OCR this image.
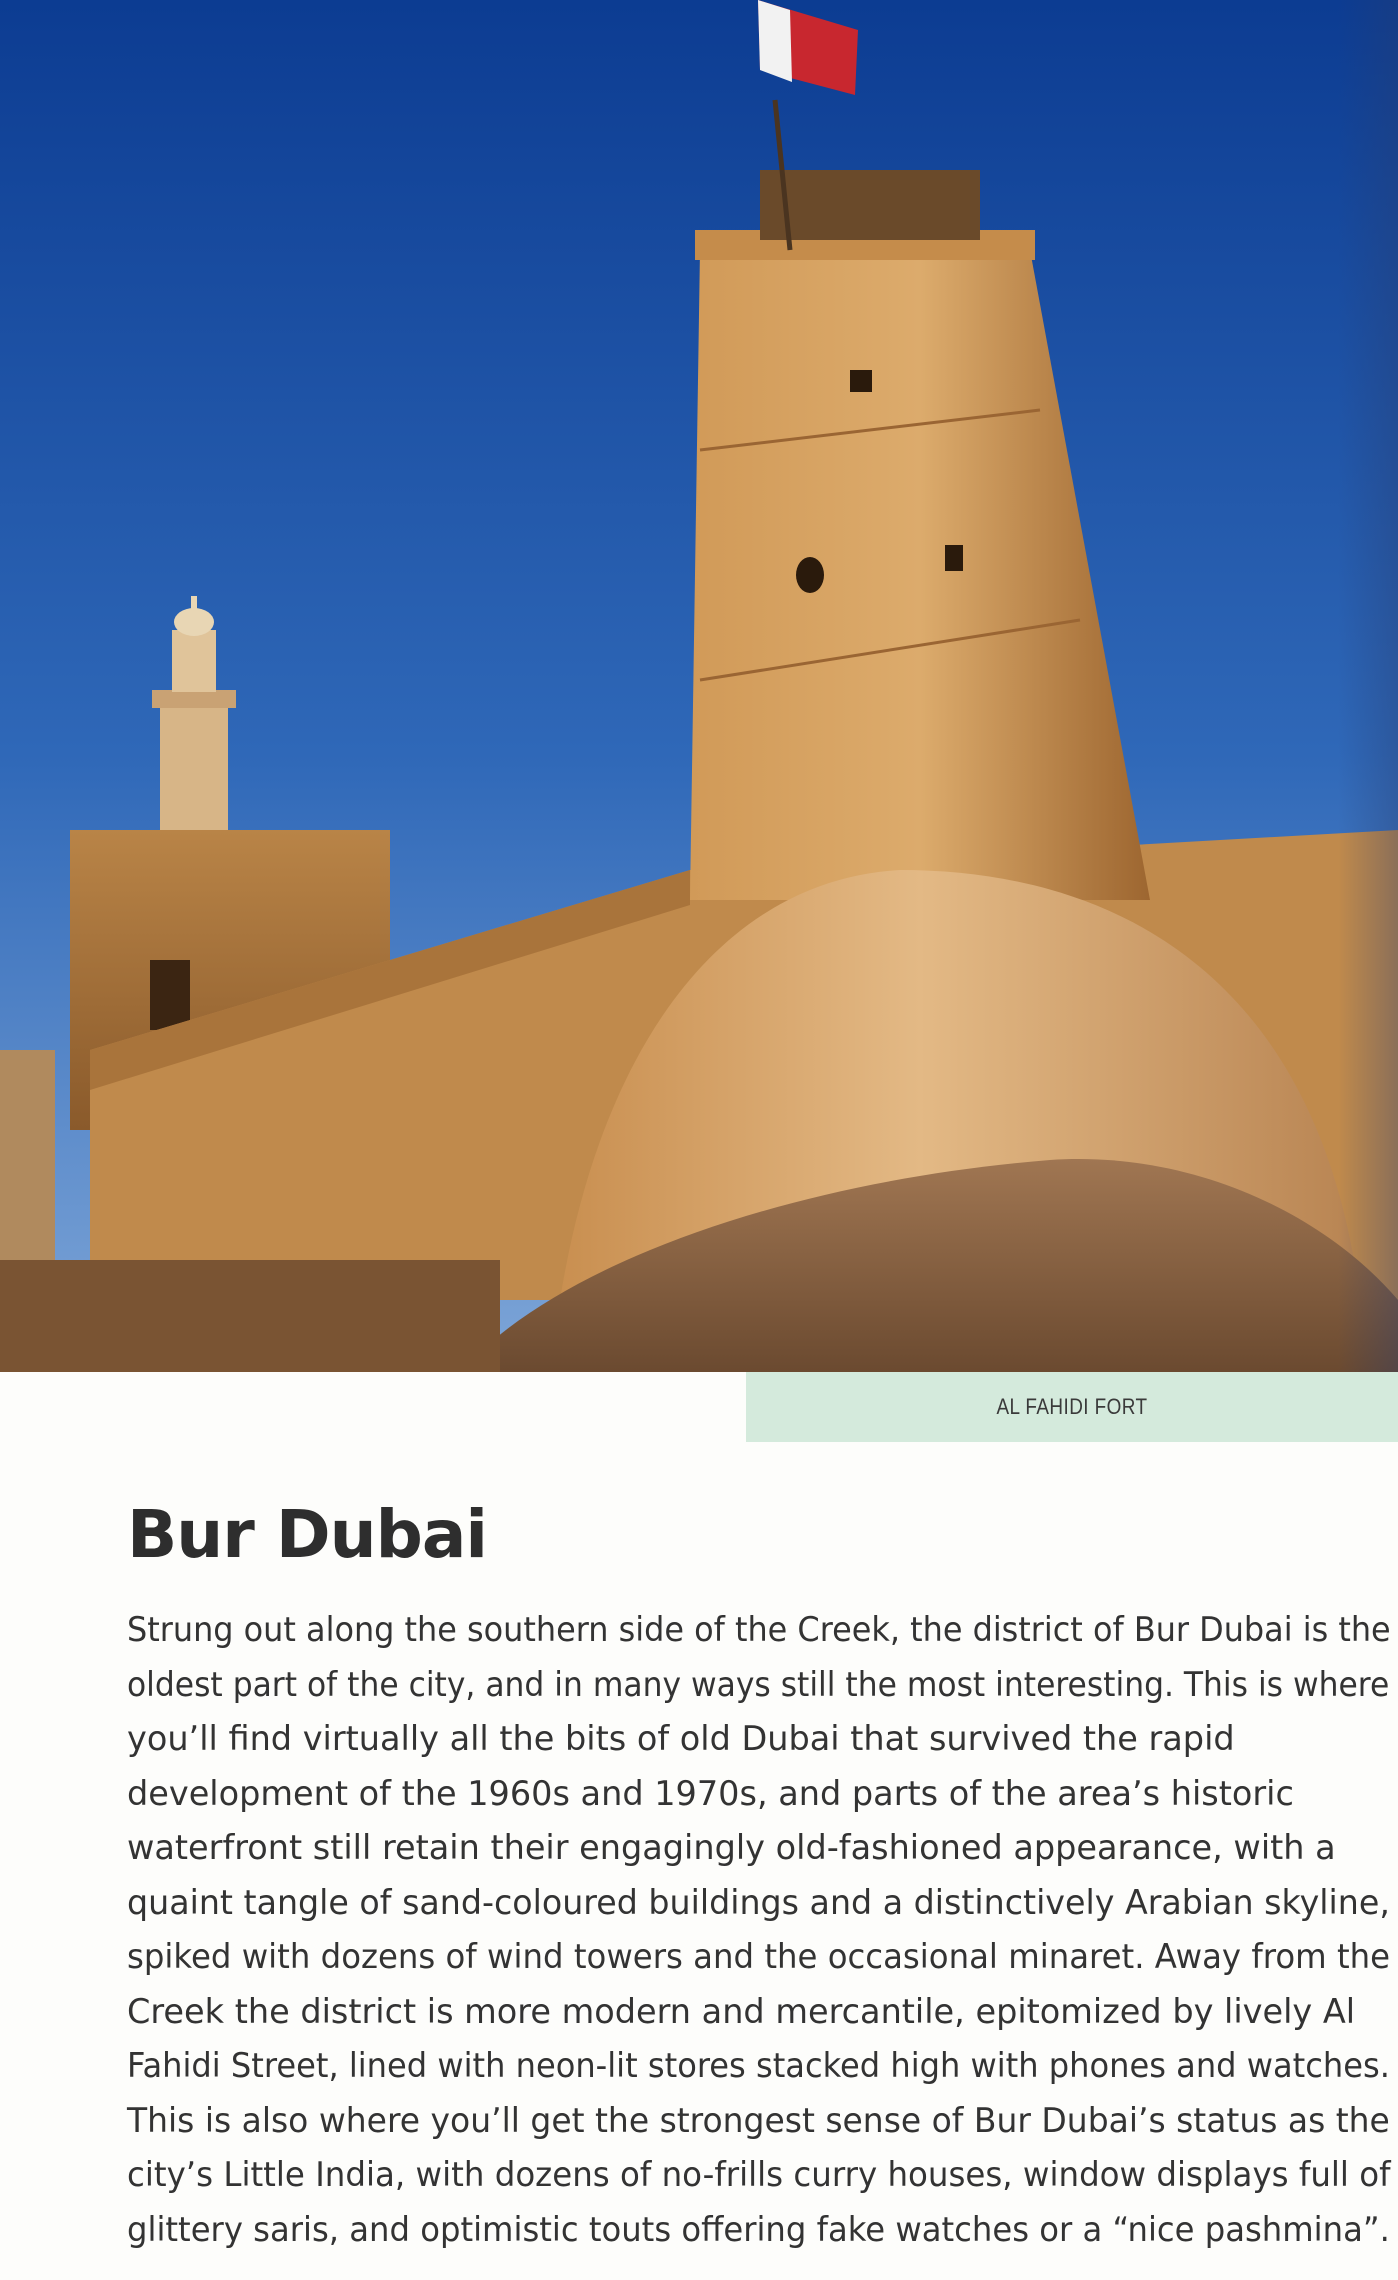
AL FAHIDI FORT
Bur Dubai

Strung out along the southern side of the Creek, the district of Bur Dubai is the
oldest part of the city, and in many ways still the most interesting. This is where
you’ll find virtually all the bits of old Dubai that survived the rapid
development of the 1960s and 1970s, and parts of the area’s historic
waterfront still retain their engagingly old-fashioned appearance, with a
quaint tangle of sand-coloured buildings and a distinctively Arabian skyline,
spiked with dozens of wind towers and the occasional minaret. Away from the
Creek the district is more modern and mercantile, epitomized by lively Al
Fahidi Street, lined with neon-lit stores stacked high with phones and watches.
This is also where you’ll get the strongest sense of Bur Dubai’s status as the
city’s Little India, with dozens of no-frills curry houses, window displays full of
glittery saris, and optimistic touts offering fake watches or a “nice pashmina”.
